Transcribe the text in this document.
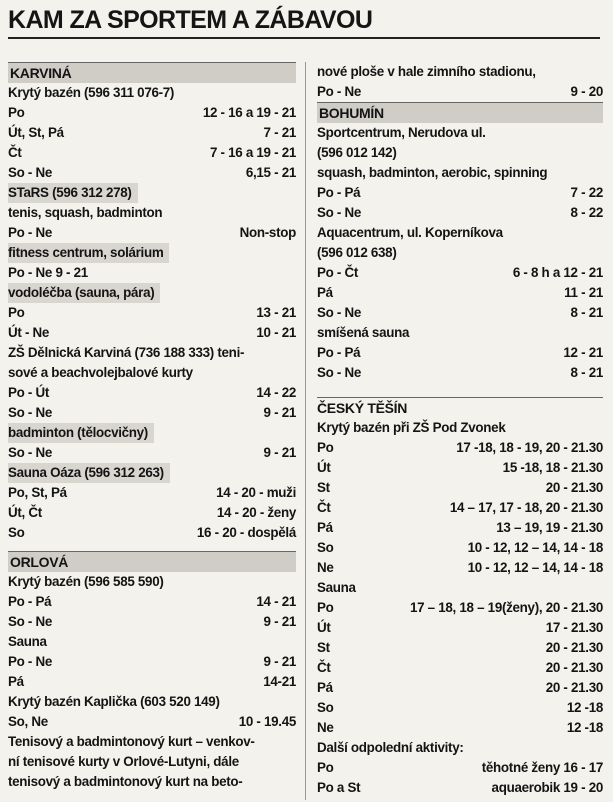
KAM ZA SPORTEM A ZÁBAVOU
KARVINÁ
Krytý bazén (596 311 076-7)
Po	12 - 16 a 19 - 21
Út, St, Pá	7 - 21
Čt	7 - 16 a 19 - 21
So - Ne	6,15 - 21
STaRS (596 312 278)
tenis, squash, badminton
Po - Ne	Non-stop
fitness centrum, solárium
Po - Ne 9 - 21
vodoléčba (sauna, pára)
Po	13 - 21
Út - Ne	10 - 21
ZŠ Dělnická Karviná (736 188 333) teni-
sové a beachvolejbalové kurty
Po - Út	14 - 22
So - Ne	9 - 21
badminton (tělocvičny)
So - Ne	9 - 21
Sauna Oáza (596 312 263)
Po, St, Pá	14 - 20 - muži
Út, Čt	14 - 20 - ženy
So	16 - 20 - dospělá
ORLOVÁ
Krytý bazén (596 585 590)
Po - Pá	14 - 21
So - Ne	9 - 21
Sauna
Po - Ne	9 - 21
Pá	14-21
Krytý bazén Kaplička (603 520 149)
So, Ne	10 - 19.45
Tenisový a badmintonový kurt – venkov-
ní tenisové kurty v Orlové-Lutyni, dále
tenisový a badmintonový kurt na beto-
nové ploše v hale zimního stadionu,
Po - Ne	9 - 20
BOHUMÍN
Sportcentrum, Nerudova ul.
(596 012 142)
squash, badminton, aerobic, spinning
Po - Pá	7 - 22
So - Ne	8 - 22
Aquacentrum, ul. Koperníkova
(596 012 638)
Po - Čt	6 - 8 h a 12 - 21
Pá	11 - 21
So - Ne	8 - 21
smíšená sauna
Po - Pá	12 - 21
So - Ne	8 - 21
ČESKÝ TĚŠÍN
Krytý bazén při ZŠ Pod Zvonek
Po	17 -18, 18 - 19, 20 - 21.30
Út	15 -18, 18 - 21.30
St	20 - 21.30
Čt	14 – 17, 17 - 18, 20 - 21.30
Pá	13 – 19, 19 - 21.30
So	10 - 12, 12 – 14, 14 - 18
Ne	10 - 12, 12 – 14, 14 - 18
Sauna
Po	17 – 18, 18 – 19(ženy), 20 - 21.30
Út	17 - 21.30
St	20 - 21.30
Čt	20 - 21.30
Pá	20 - 21.30
So	12 -18
Ne	12 -18
Další odpolední aktivity:
Po	těhotné ženy 16 - 17
Po a St	aquaerobik 19 - 20
